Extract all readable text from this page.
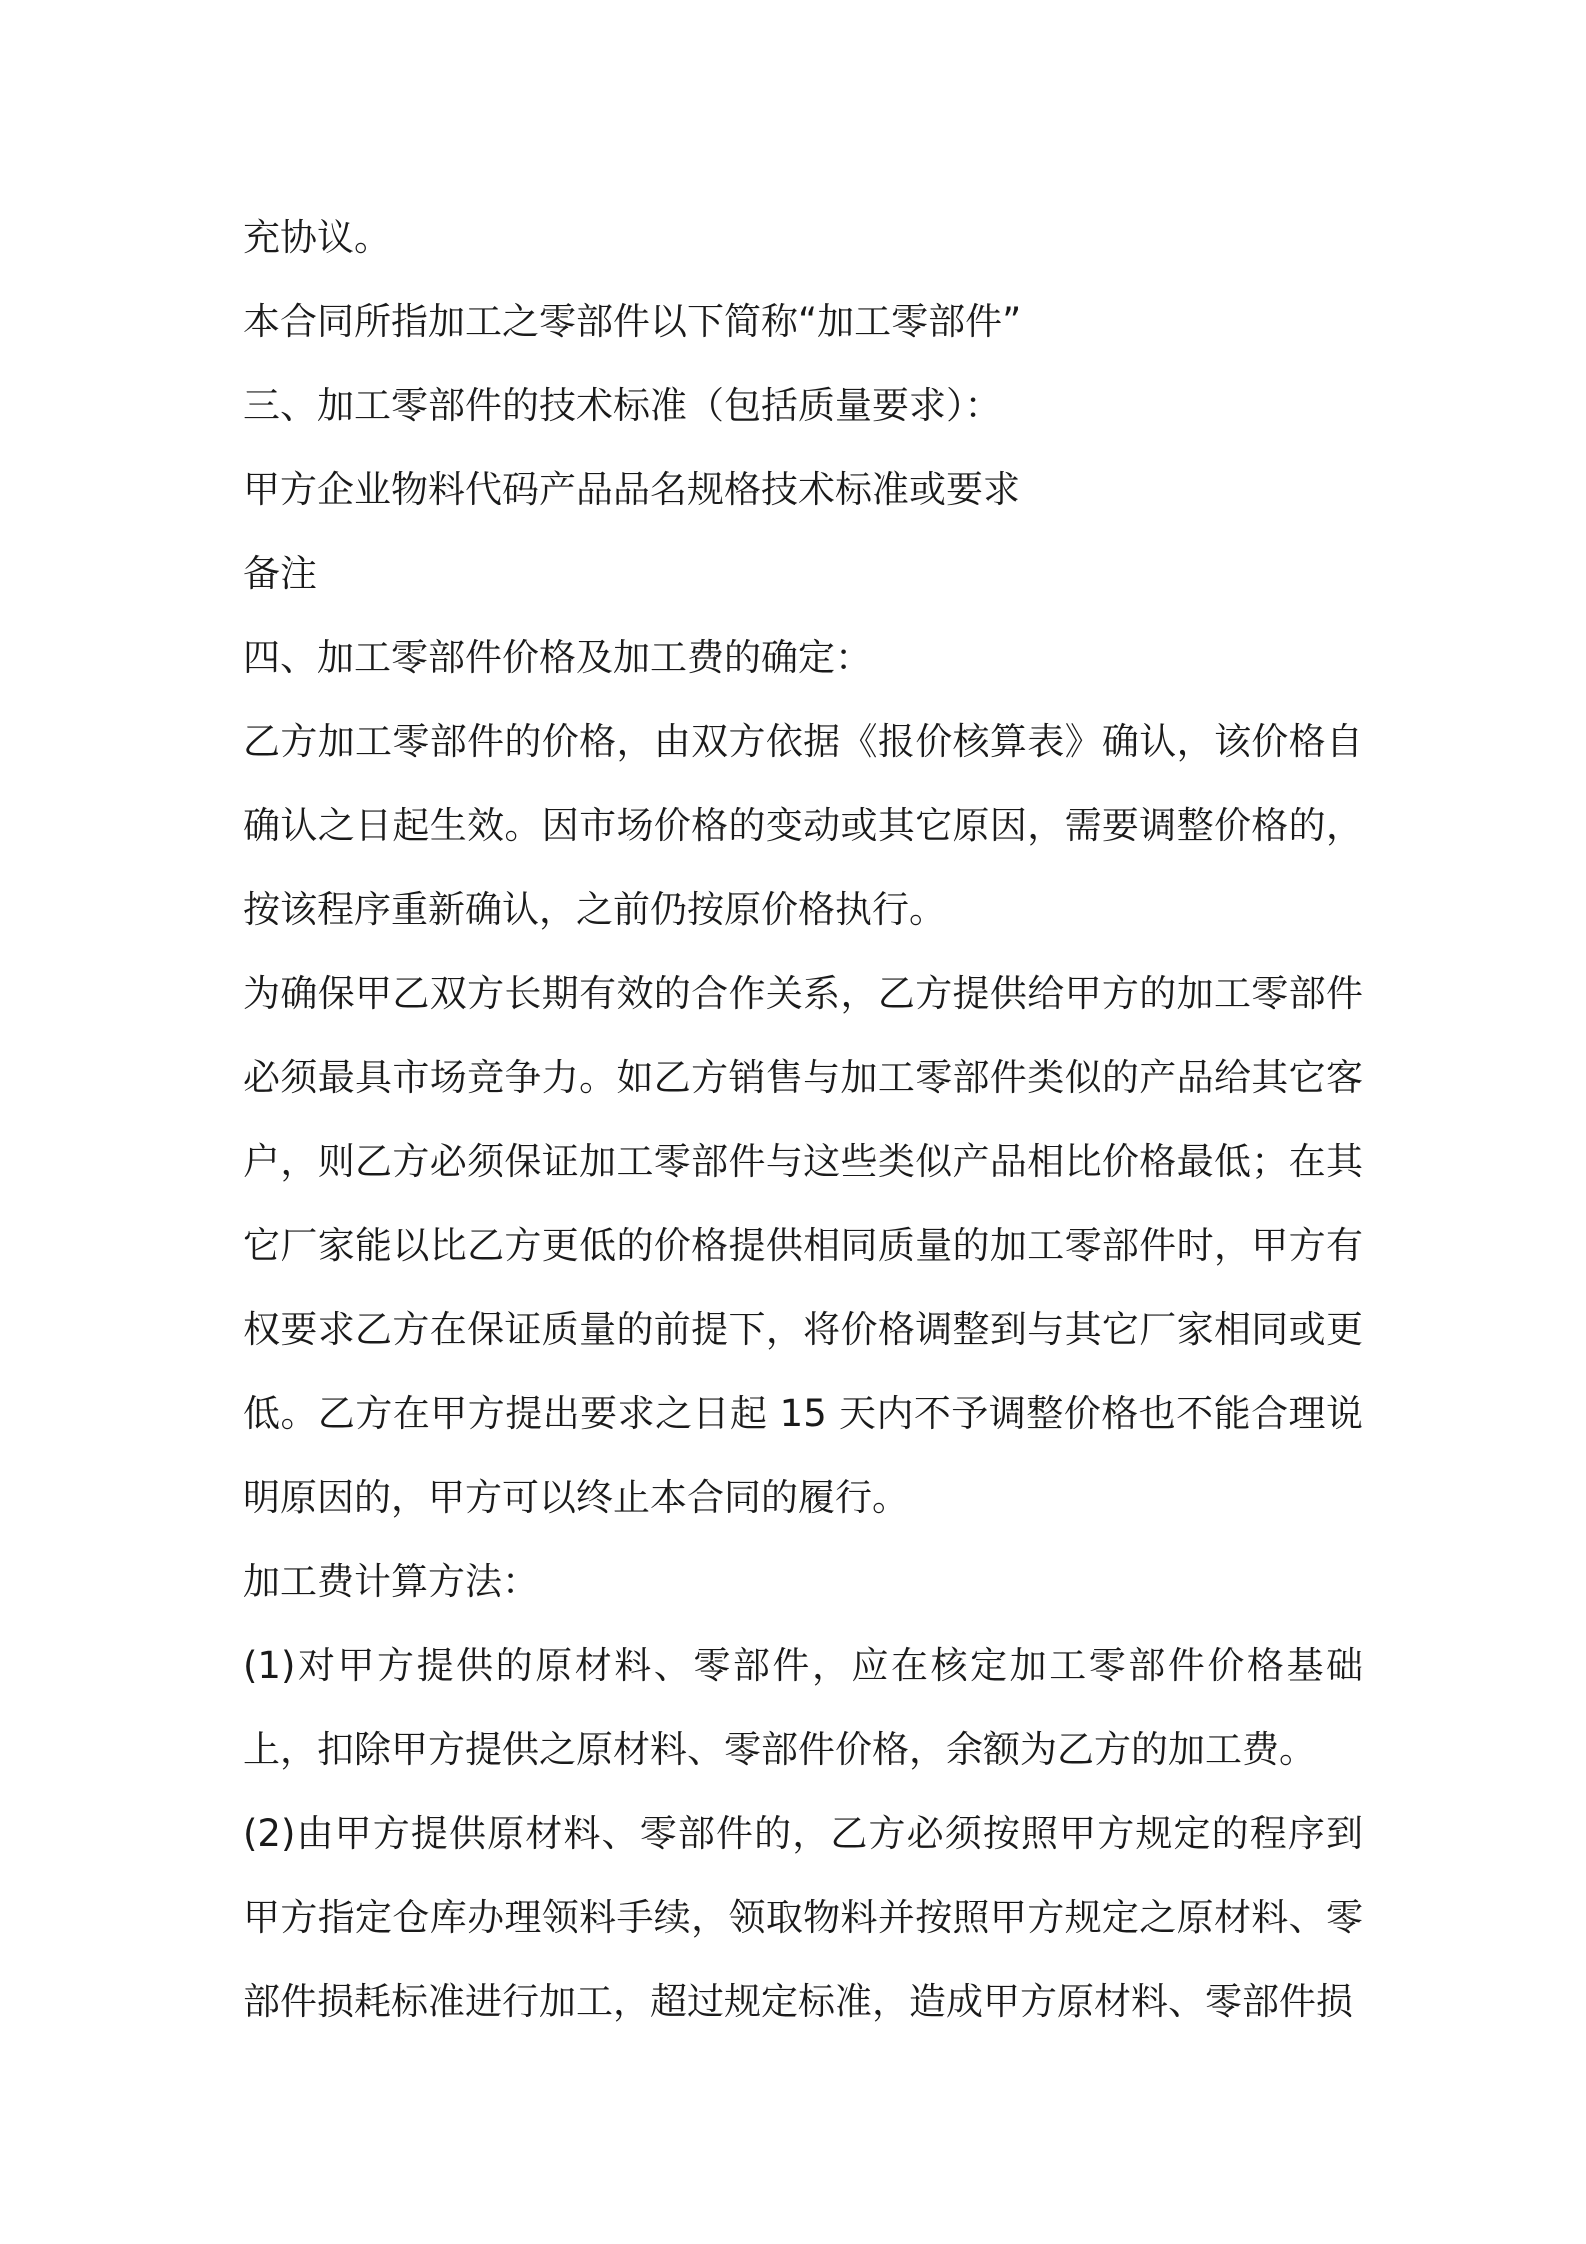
充协议。

本合同所指加工之零部件以下简称“加工零部件”

三、加工零部件的技术标准（包括质量要求）：

甲方企业物料代码产品品名规格技术标准或要求

备注

四、加工零部件价格及加工费的确定：

乙方加工零部件的价格，由双方依据《报价核算表》确认，该价格自确认之日起生效。因市场价格的变动或其它原因，需要调整价格的，按该程序重新确认，之前仍按原价格执行。

为确保甲乙双方长期有效的合作关系，乙方提供给甲方的加工零部件必须最具市场竞争力。如乙方销售与加工零部件类似的产品给其它客户，则乙方必须保证加工零部件与这些类似产品相比价格最低；在其它厂家能以比乙方更低的价格提供相同质量的加工零部件时，甲方有权要求乙方在保证质量的前提下，将价格调整到与其它厂家相同或更低。乙方在甲方提出要求之日起 15 天内不予调整价格也不能合理说明原因的，甲方可以终止本合同的履行。

加工费计算方法：

(1)对甲方提供的原材料、零部件，应在核定加工零部件价格基础上，扣除甲方提供之原材料、零部件价格，余额为乙方的加工费。

(2)由甲方提供原材料、零部件的，乙方必须按照甲方规定的程序到甲方指定仓库办理领料手续，领取物料并按照甲方规定之原材料、零部件损耗标准进行加工，超过规定标准，造成甲方原材料、零部件损
